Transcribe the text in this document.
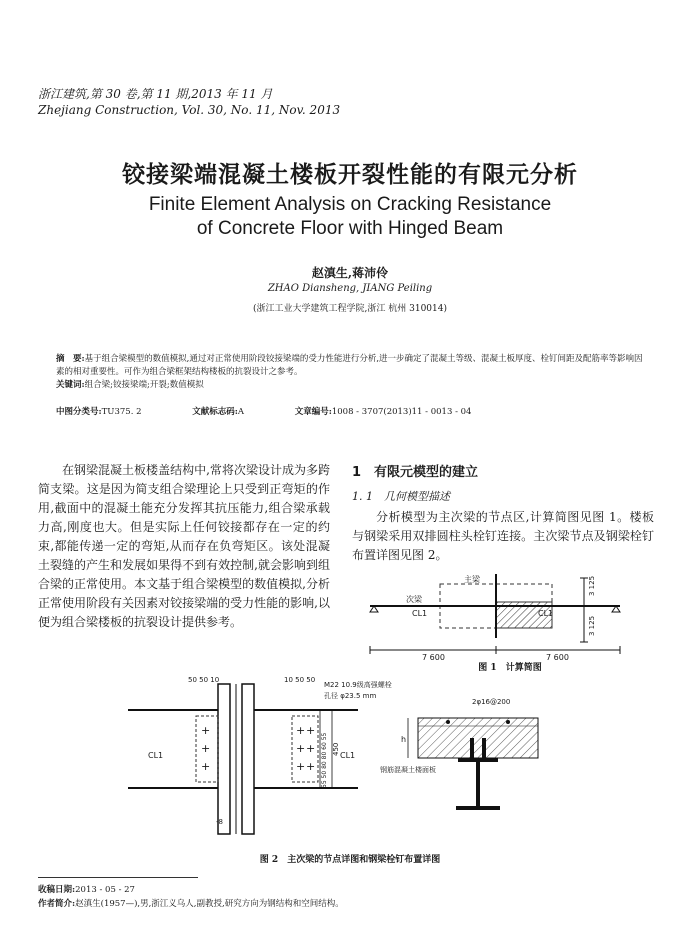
浙江建筑,第 30 卷,第 11 期,2013 年 11 月
Zhejiang Construction, Vol. 30, No. 11, Nov. 2013
铰接梁端混凝土楼板开裂性能的有限元分析
Finite Element Analysis on Cracking Resistance
of Concrete Floor with Hinged Beam
赵滇生,蒋沛伶
ZHAO Diansheng, JIANG Peiling
(浙江工业大学建筑工程学院,浙江 杭州 310014)
摘　要:基于组合梁模型的数值模拟,通过对正常使用阶段铰接梁端的受力性能进行分析,进一步确定了混凝土等级、混凝土板厚度、栓钉间距及配筋率等影响因素的相对重要性。可作为组合梁框架结构楼板的抗裂设计之参考。
关键词:组合梁;铰接梁端;开裂;数值模拟
中图分类号:TU375. 2	文献标志码:A	文章编号:1008 - 3707(2013)11 - 0013 - 04

在钢梁混凝土板楼盖结构中,常将次梁设计成为多跨简支梁。这是因为简支组合梁理论上只受到正弯矩的作用,截面中的混凝土能充分发挥其抗压能力,组合梁承载力高,刚度也大。但是实际上任何铰接都存在一定的约束,都能传递一定的弯矩,从而存在负弯矩区。该处混凝土裂缝的产生和发展如果得不到有效控制,就会影响到组合梁的正常使用。本文基于组合梁模型的数值模拟,分析正常使用阶段有关因素对铰接梁端的受力性能的影响,以便为组合梁楼板的抗裂设计提供参考。

1　有限元模型的建立
1. 1　几何模型描述

分析模型为主次梁的节点区,计算简图见图 1。楼板与钢梁采用双排圆柱头栓钉连接。主次梁节点及钢梁栓钉布置详图见图 2。

主梁
次梁
CL1	CL1
3 125
3 125
7 600	7 600
图 1　计算简图
+
+
+
+
+
+
+
+
+
50 50 10	10 50 50
M22 10.9级高强螺栓
孔径 φ23.5 mm
CL1	CL1
-8
55 50 80 80 60 55 450
h
2φ16@200
钢筋混凝土楼面板
图 2　主次梁的节点详图和钢梁栓钉布置详图
收稿日期:2013 - 05 - 27
作者简介:赵滇生(1957—),男,浙江义乌人,副教授,研究方向为钢结构和空间结构。
